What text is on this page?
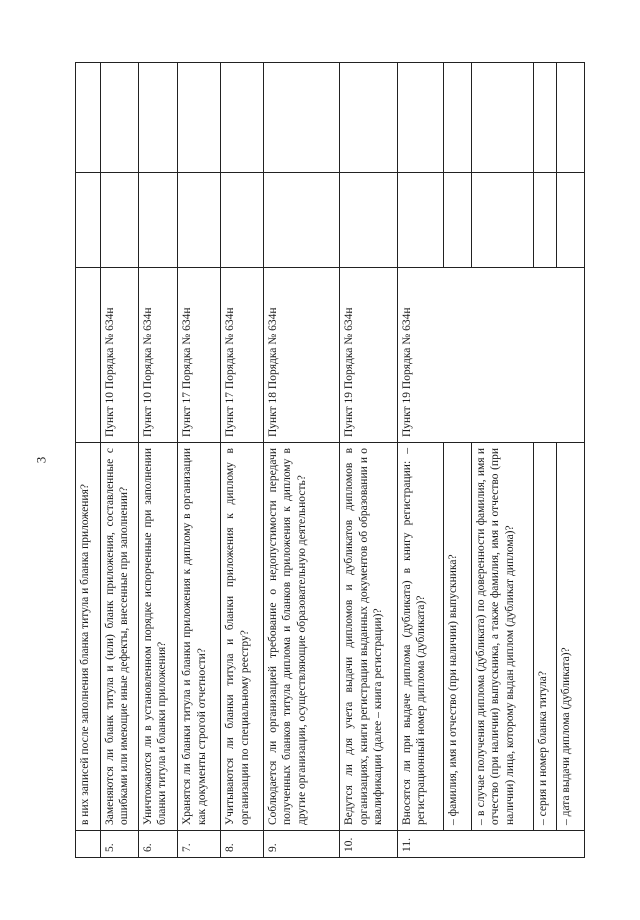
3
	в них записей после заполнения бланка титула и бланка приложения?			
5.	Заменяются ли бланк титула и (или) бланк приложения, составленные с ошибками или имеющие иные дефекты, внесенные при заполнении?	Пункт 10 Порядка № 634н		
6.	Уничтожаются ли в установленном порядке испорченные при заполнении бланки титула и бланки приложения?	Пункт 10 Порядка № 634н		
7.	Хранятся ли бланки титула и бланки приложения к диплому в организации как документы строгой отчетности?	Пункт 17 Порядка № 634н		
8.	Учитываются ли бланки титула и бланки приложения к диплому в организации по специальному реестру?	Пункт 17 Порядка № 634н		
9.	Соблюдается ли организацией требование о недопустимости передачи полученных бланков титула диплома и бланков приложения к диплому в другие организации, осуществляющие образовательную деятельность?	Пункт 18 Порядка № 634н		
10.	Ведутся ли для учета выдачи дипломов и дубликатов дипломов в организациях, книги регистрации выданных документов об образовании и о квалификации (далее – книга регистрации)?	Пункт 19 Порядка № 634н		
11.	Вносятся ли при выдаче диплома (дубликата) в книгу регистрации: – регистрационный номер диплома (дубликата)?	Пункт 19 Порядка № 634н		
	– фамилия, имя и отчество (при наличии) выпускника?			
	– в случае получения диплома (дубликата) по доверенности фамилия, имя и отчество (при наличии) выпускника, а также фамилия, имя и отчество (при наличии) лица, которому выдан диплом (дубликат диплома)?			
	– серия и номер бланка титула?			
	– дата выдачи диплома (дубликата)?			
